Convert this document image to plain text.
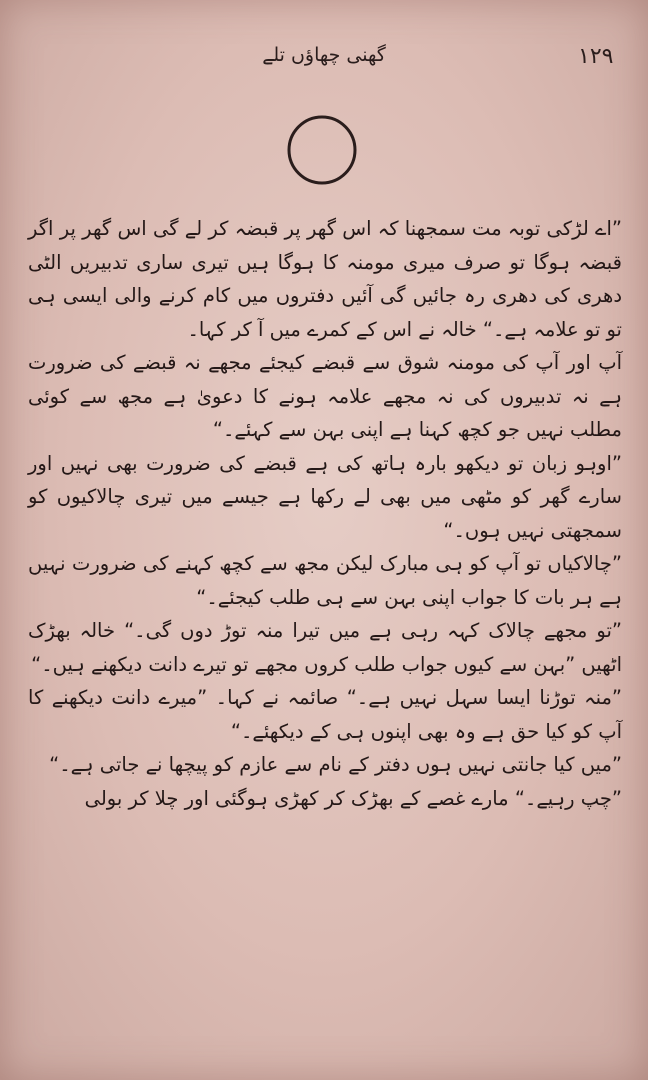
١٢٩
گھنی چھاؤں تلے

”اے لڑکی توبہ مت سمجھنا کہ اس گھر پر قبضہ کر لے گی اس گھر پر اگر قبضہ ہوگا تو صرف میری مومنہ کا ہوگا ہیں تیری ساری تدبیریں الٹی دھری کی دھری رہ جائیں گی آئیں دفتروں میں کام کرنے والی ایسی ہی تو تو علامہ ہے۔“ خالہ نے اس کے کمرے میں آ کر کہا۔

آپ اور آپ کی مومنہ شوق سے قبضے کیجئے مجھے نہ قبضے کی ضرورت ہے نہ تدبیروں کی نہ مجھے علامہ ہونے کا دعویٰ ہے مجھ سے کوئی مطلب نہیں جو کچھ کہنا ہے اپنی بہن سے کہئے۔“

”اوہو زبان تو دیکھو بارہ ہاتھ کی ہے قبضے کی ضرورت بھی نہیں اور سارے گھر کو مٹھی میں بھی لے رکھا ہے جیسے میں تیری چالاکیوں کو سمجھتی نہیں ہوں۔“

”چالاکیاں تو آپ کو ہی مبارک لیکن مجھ سے کچھ کہنے کی ضرورت نہیں ہے ہر بات کا جواب اپنی بہن سے ہی طلب کیجئے۔“

”تو مجھے چالاک کہہ رہی ہے میں تیرا منہ توڑ دوں گی۔“ خالہ بھڑک اٹھیں ”بہن سے کیوں جواب طلب کروں مجھے تو تیرے دانت دیکھنے ہیں۔“

”منہ توڑنا ایسا سہل نہیں ہے۔“ صائمہ نے کہا۔ ”میرے دانت دیکھنے کا آپ کو کیا حق ہے وہ بھی اپنوں ہی کے دیکھئے۔“

”میں کیا جانتی نہیں ہوں دفتر کے نام سے عازم کو پیچھا نے جاتی ہے۔“

”چپ رہیے۔“ مارے غصے کے بھڑک کر کھڑی ہوگئی اور چلا کر بولی
